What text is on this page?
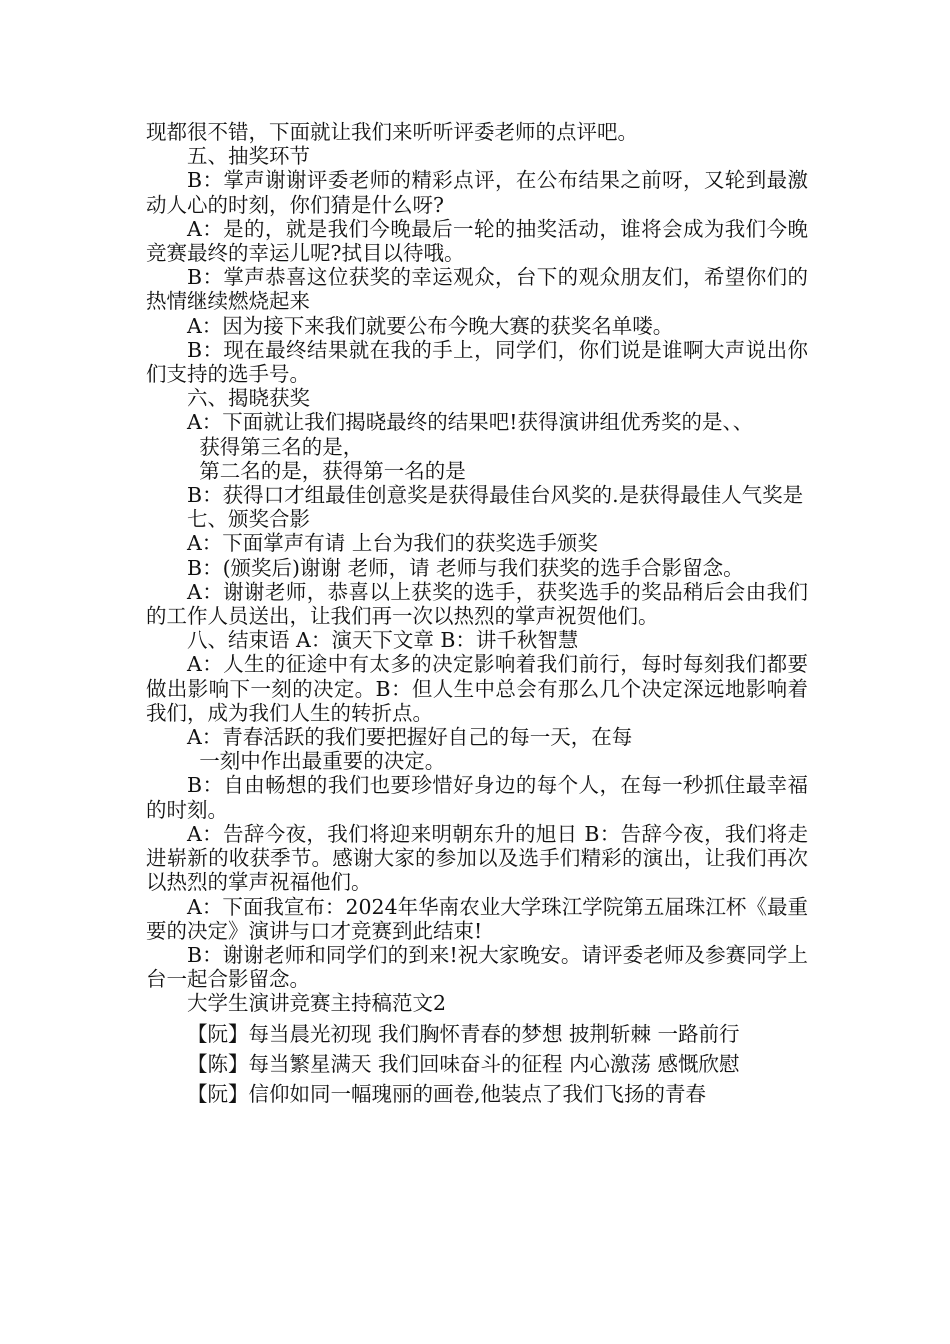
现都很不错，下面就让我们来听听评委老师的点评吧。

五、抽奖环节

B：掌声谢谢评委老师的精彩点评，在公布结果之前呀，又轮到最激动人心的时刻，你们猜是什么呀?

A：是的，就是我们今晚最后一轮的抽奖活动，谁将会成为我们今晚竞赛最终的幸运儿呢?拭目以待哦。

B：掌声恭喜这位获奖的幸运观众，台下的观众朋友们，希望你们的热情继续燃烧起来

A：因为接下来我们就要公布今晚大赛的获奖名单喽。

B：现在最终结果就在我的手上，同学们，你们说是谁啊大声说出你们支持的选手号。

六、揭晓获奖

A：下面就让我们揭晓最终的结果吧!获得演讲组优秀奖的是、、

获得第三名的是，

第二名的是，获得第一名的是

B：获得口才组最佳创意奖是获得最佳台风奖的.是获得最佳人气奖是

七、颁奖合影

A：下面掌声有请 上台为我们的获奖选手颁奖

B：(颁奖后)谢谢 老师，请 老师与我们获奖的选手合影留念。

A：谢谢老师，恭喜以上获奖的选手，获奖选手的奖品稍后会由我们的工作人员送出，让我们再一次以热烈的掌声祝贺他们。

八、结束语 A：演天下文章 B：讲千秋智慧

A：人生的征途中有太多的决定影响着我们前行，每时每刻我们都要做出影响下一刻的决定。B：但人生中总会有那么几个决定深远地影响着我们，成为我们人生的转折点。

A：青春活跃的我们要把握好自己的每一天，在每

一刻中作出最重要的决定。

B：自由畅想的我们也要珍惜好身边的每个人，在每一秒抓住最幸福的时刻。

A：告辞今夜，我们将迎来明朝东升的旭日 B：告辞今夜，我们将走进崭新的收获季节。感谢大家的参加以及选手们精彩的演出，让我们再次以热烈的掌声祝福他们。

A：下面我宣布：2024年华南农业大学珠江学院第五届珠江杯《最重要的决定》演讲与口才竞赛到此结束!

B：谢谢老师和同学们的到来!祝大家晚安。请评委老师及参赛同学上台一起合影留念。

大学生演讲竞赛主持稿范文2

【阮】每当晨光初现 我们胸怀青春的梦想 披荆斩棘 一路前行

【陈】每当繁星满天 我们回味奋斗的征程 内心激荡 感慨欣慰

【阮】信仰如同一幅瑰丽的画卷,他装点了我们飞扬的青春
